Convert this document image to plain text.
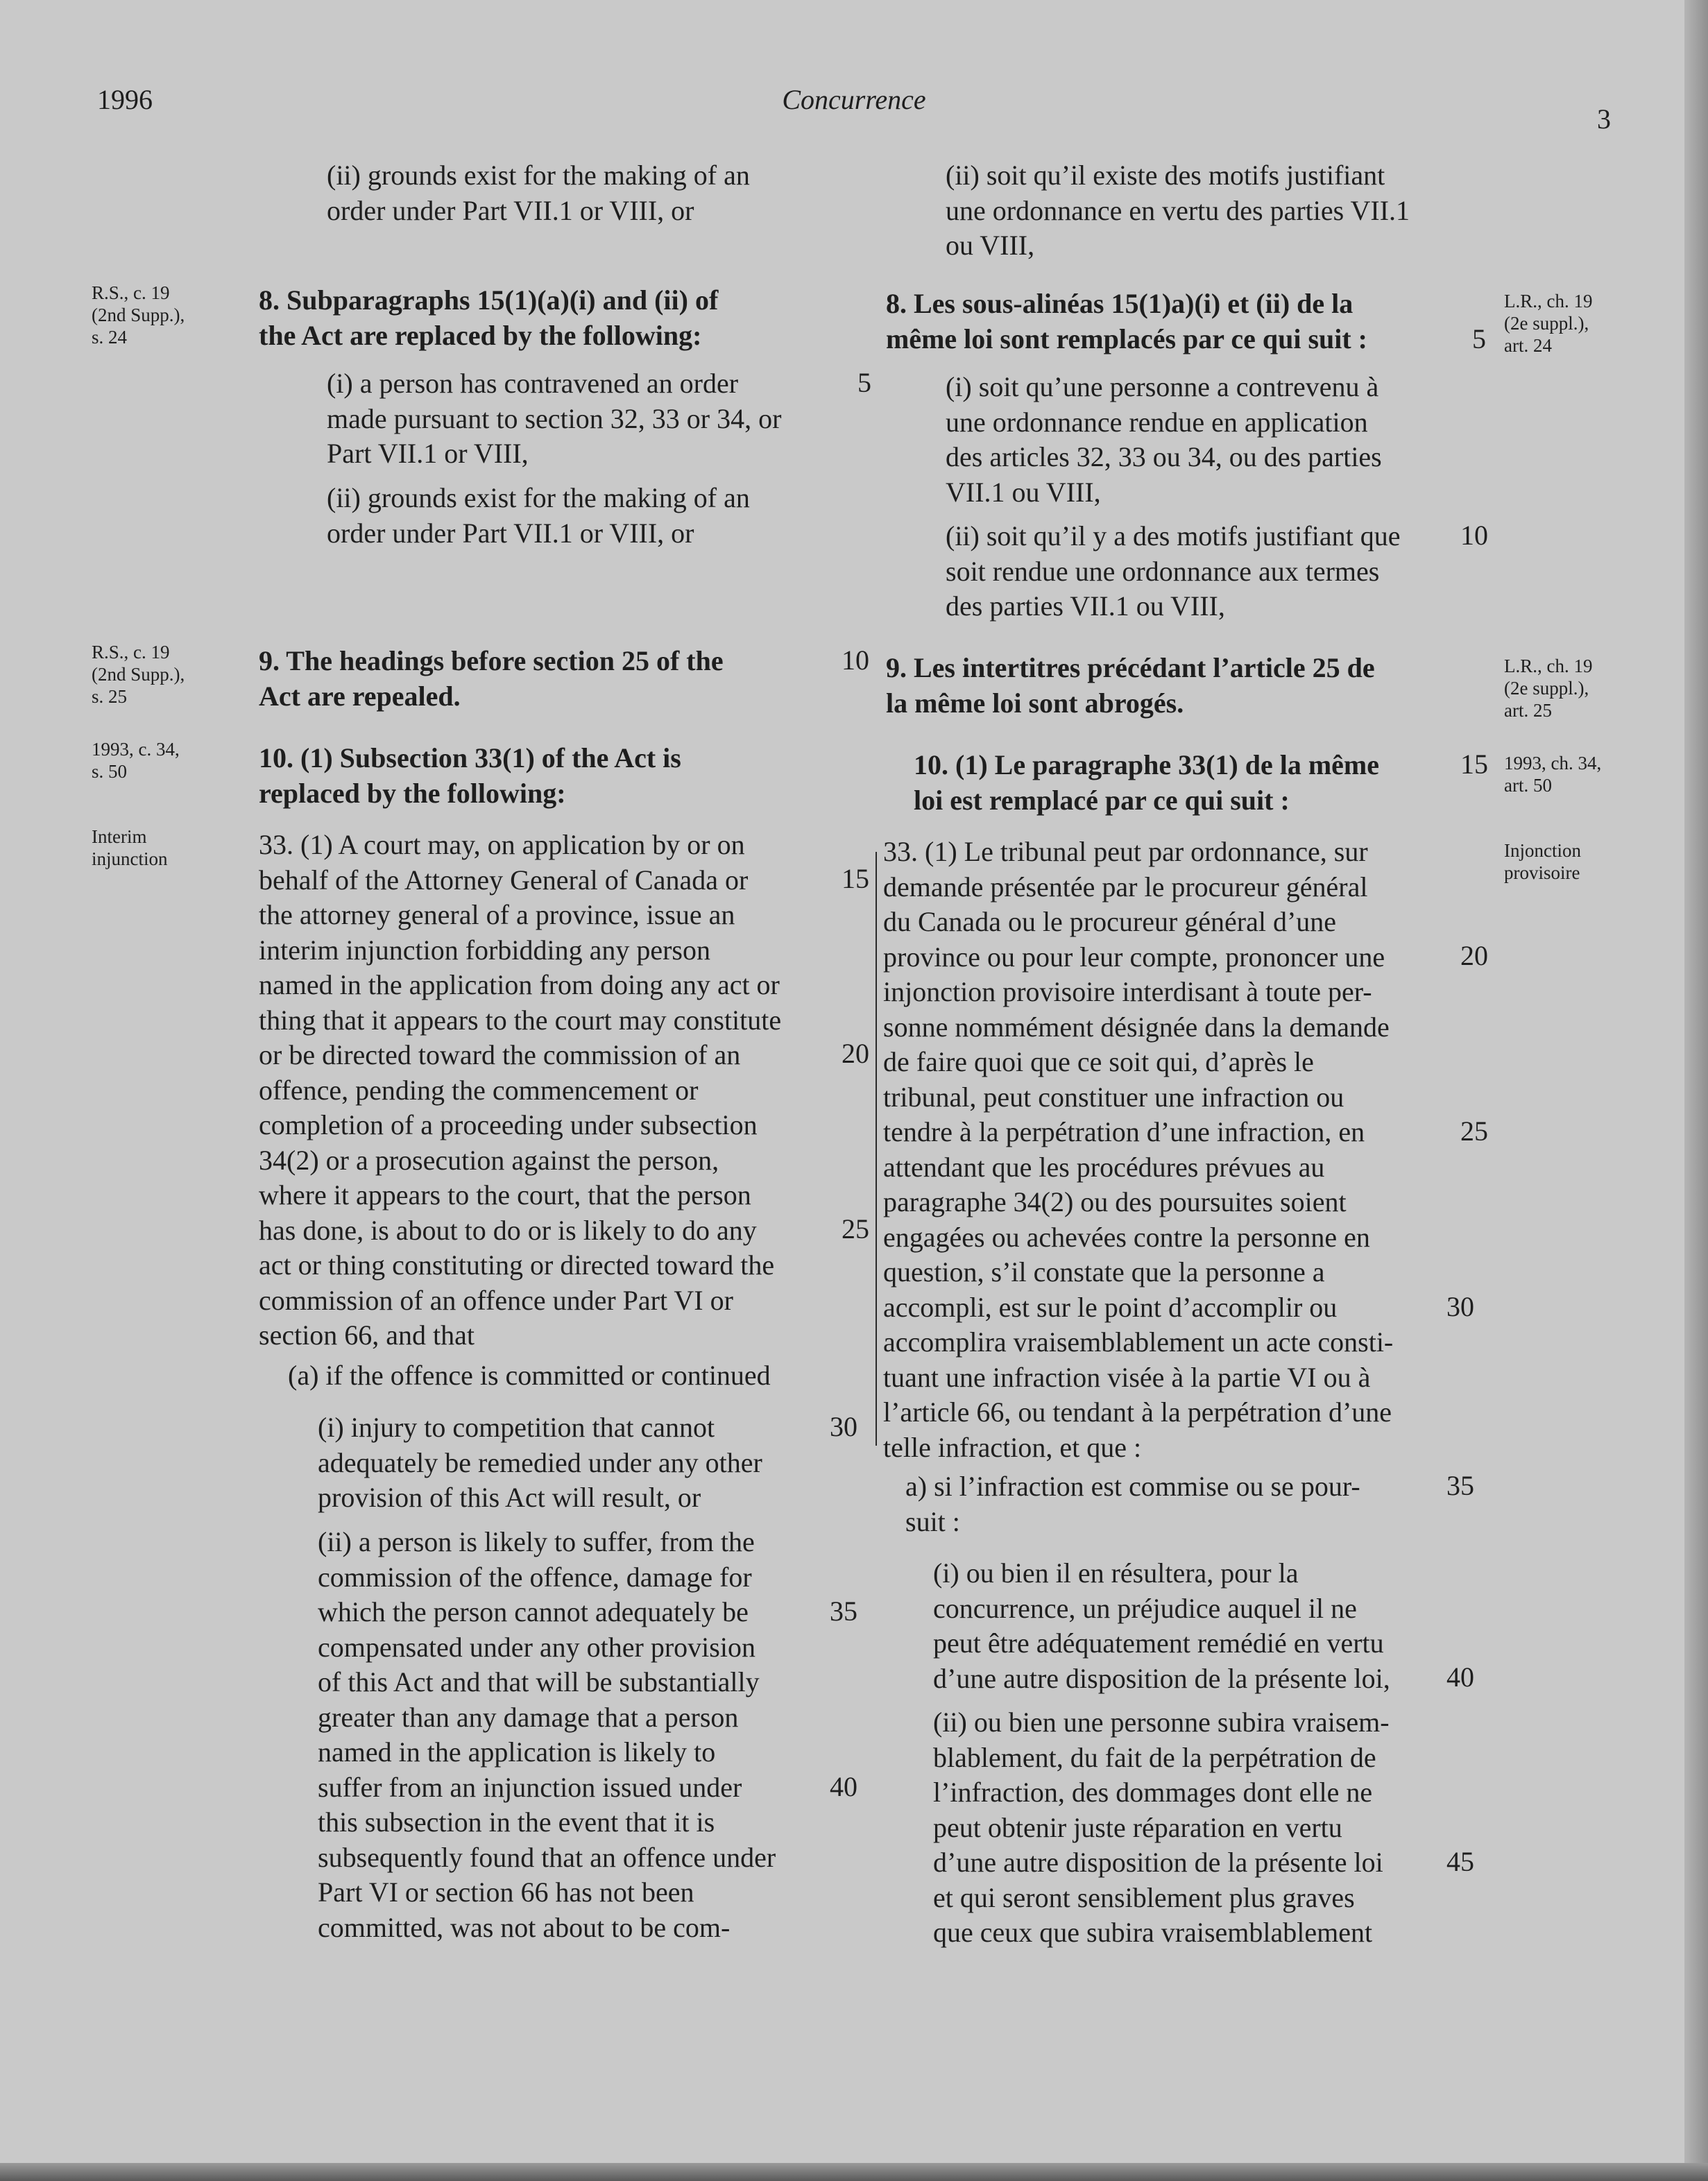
1996	Concurrence
3

(ii) grounds exist for the making of an

order under Part VII.1 or VIII, or

8. Subparagraphs 15(1)(a)(i) and (ii) of

the Act are replaced by the following:

(i) a person has contravened an order

made pursuant to section 32, 33 or 34, or

Part VII.1 or VIII,

(ii) grounds exist for the making of an

order under Part VII.1 or VIII, or

9. The headings before section 25 of the

Act are repealed.

10. (1) Subsection 33(1) of the Act is

replaced by the following:

33. (1) A court may, on application by or on

behalf of the Attorney General of Canada or

the attorney general of a province, issue an

interim injunction forbidding any person

named in the application from doing any act or

thing that it appears to the court may constitute

or be directed toward the commission of an

offence, pending the commencement or

completion of a proceeding under subsection

34(2) or a prosecution against the person,

where it appears to the court, that the person

has done, is about to do or is likely to do any

act or thing constituting or directed toward the

commission of an offence under Part VI or

section 66, and that

(a) if the offence is committed or continued

(i) injury to competition that cannot

adequately be remedied under any other

provision of this Act will result, or

(ii) a person is likely to suffer, from the

commission of the offence, damage for

which the person cannot adequately be

compensated under any other provision

of this Act and that will be substantially

greater than any damage that a person

named in the application is likely to

suffer from an injunction issued under

this subsection in the event that it is

subsequently found that an offence under

Part VI or section 66 has not been

committed, was not about to be com-

(ii) soit qu’il existe des motifs justifiant

une ordonnance en vertu des parties VII.1

ou VIII,

8. Les sous-alinéas 15(1)a)(i) et (ii) de la

même loi sont remplacés par ce qui suit :

(i) soit qu’une personne a contrevenu à

une ordonnance rendue en application

des articles 32, 33 ou 34, ou des parties

VII.1 ou VIII,

(ii) soit qu’il y a des motifs justifiant que

soit rendue une ordonnance aux termes

des parties VII.1 ou VIII,

9. Les intertitres précédant l’article 25 de

la même loi sont abrogés.

10. (1) Le paragraphe 33(1) de la même

loi est remplacé par ce qui suit :

33. (1) Le tribunal peut par ordonnance, sur

demande présentée par le procureur général

du Canada ou le procureur général d’une

province ou pour leur compte, prononcer une

injonction provisoire interdisant à toute per-

sonne nommément désignée dans la demande

de faire quoi que ce soit qui, d’après le

tribunal, peut constituer une infraction ou

tendre à la perpétration d’une infraction, en

attendant que les procédures prévues au

paragraphe 34(2) ou des poursuites soient

engagées ou achevées contre la personne en

question, s’il constate que la personne a

accompli, est sur le point d’accomplir ou

accomplira vraisemblablement un acte consti-

tuant une infraction visée à la partie VI ou à

l’article 66, ou tendant à la perpétration d’une

telle infraction, et que :

a) si l’infraction est commise ou se pour-

suit :

(i) ou bien il en résultera, pour la

concurrence, un préjudice auquel il ne

peut être adéquatement remédié en vertu

d’une autre disposition de la présente loi,

(ii) ou bien une personne subira vraisem-

blablement, du fait de la perpétration de

l’infraction, des dommages dont elle ne

peut obtenir juste réparation en vertu

d’une autre disposition de la présente loi

et qui seront sensiblement plus graves

que ceux que subira vraisemblablement

5
10
15
20
25
30
35
40
5
10
15
20
25
30
35
40
45

R.S., c. 19

(2nd Supp.),

s. 24

R.S., c. 19

(2nd Supp.),

s. 25

1993, c. 34,

s. 50

Interim

injunction

L.R., ch. 19

(2e suppl.),

art. 24

L.R., ch. 19

(2e suppl.),

art. 25

1993, ch. 34,

art. 50

Injonction

provisoire
